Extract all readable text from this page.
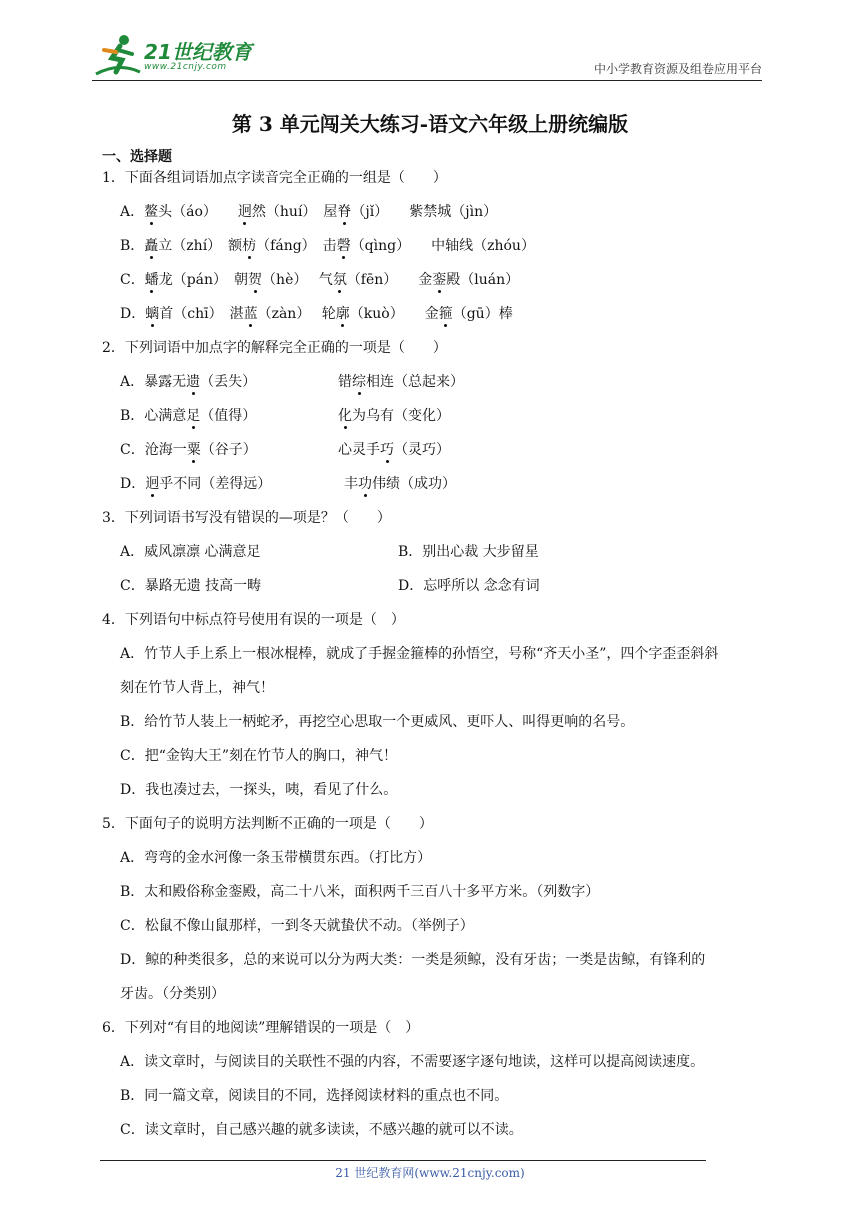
21世纪教育
www.21cnjy.com	中小学教育资源及组卷应用平台
第 3 单元闯关大练习-语文六年级上册统编版
一、选择题
1．下面各组词语加点字读音完全正确的一组是（　　）
A．鳌头（áo）　　 迥然（huí）　 屋脊（jǐ）　　 紫禁城（jìn）
B．矗立（zhí）　 额枋（fáng）　击磬（qìng）　　中轴线（zhóu）
C．蟠龙（pán）　朝贺（hè）　 气氛（fēn）　　金銮殿（luán）
D．螭首（chī）　湛蓝（zàn）　 轮廓（kuò）　　金箍（gū）棒
2．下列词语中加点字的解释完全正确的一项是（　　）
A．暴露无遗（丢失）	错综相连（总起来）
B．心满意足（值得）	化为乌有（变化）
C．沧海一粟（谷子）	心灵手巧（灵巧）
D．迥乎不同（差得远）	丰功伟绩（成功）
3．下列词语书写没有错误的—项是？（　　）
A．威风凛凛 心满意足	B．别出心裁 大步留星
C．暴路无遗 技高一畴	D．忘呼所以 念念有词
4．下列语句中标点符号使用有误的一项是（　）
A．竹节人手上系上一根冰棍棒，就成了手握金箍棒的孙悟空，号称“齐天小圣”，四个字歪歪斜斜
刻在竹节人背上，神气！
B．给竹节人装上一柄蛇矛，再挖空心思取一个更威风、更吓人、叫得更响的名号。
C．把“金钩大王”刻在竹节人的胸口，神气！
D．我也凑过去，一探头，咦，看见了什么。
5．下面句子的说明方法判断不正确的一项是（　　）
A．弯弯的金水河像一条玉带横贯东西。（打比方）
B．太和殿俗称金銮殿，高二十八米，面积两千三百八十多平方米。（列数字）
C．松鼠不像山鼠那样，一到冬天就蛰伏不动。（举例子）
D．鲸的种类很多，总的来说可以分为两大类：一类是须鲸，没有牙齿；一类是齿鲸，有锋利的
牙齿。（分类别）
6．下列对“有目的地阅读”理解错误的一项是（　）
A．读文章时，与阅读目的关联性不强的内容，不需要逐字逐句地读，这样可以提高阅读速度。
B．同一篇文章，阅读目的不同，选择阅读材料的重点也不同。
C．读文章时，自己感兴趣的就多读读，不感兴趣的就可以不读。
21 世纪教育网(www.21cnjy.com)
